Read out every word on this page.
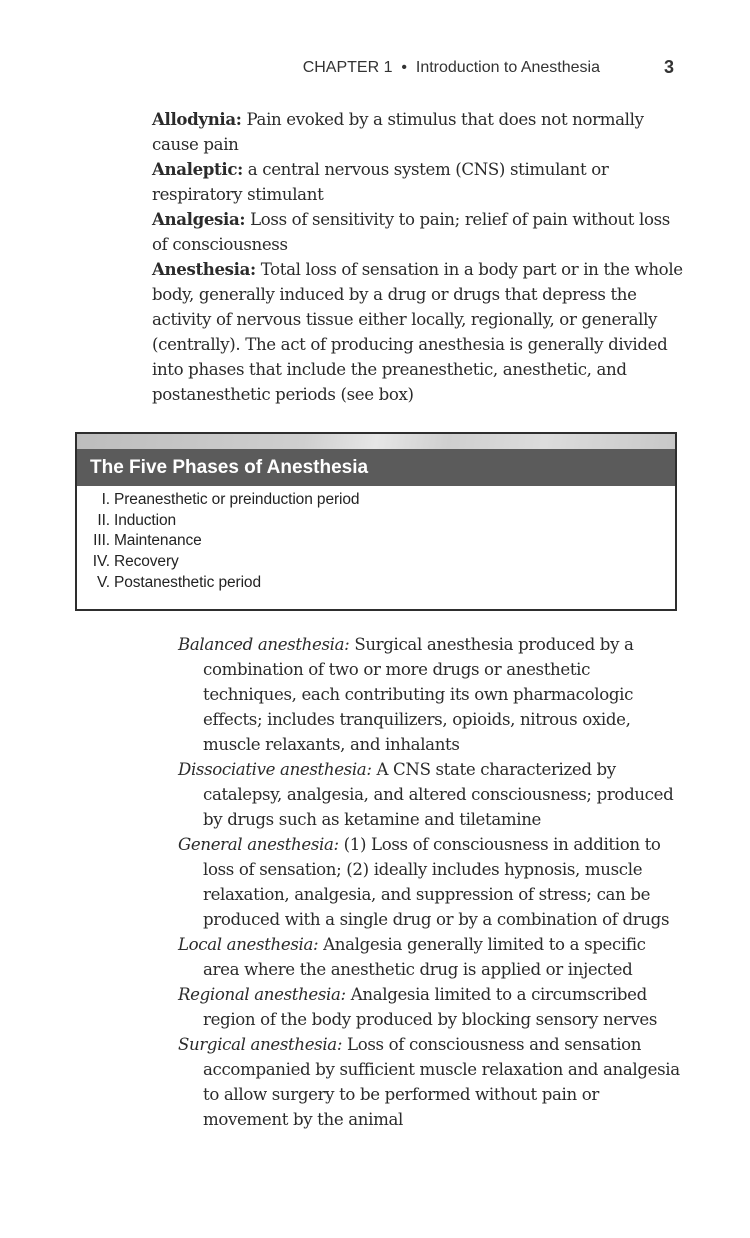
CHAPTER 1 • Introduction to Anesthesia	3

Allodynia: Pain evoked by a stimulus that does not normally cause pain

Analeptic: a central nervous system (CNS) stimulant or respiratory stimulant

Analgesia: Loss of sensitivity to pain; relief of pain without loss of consciousness

Anesthesia: Total loss of sensation in a body part or in the whole body, generally induced by a drug or drugs that depress the activity of nervous tissue either locally, regionally, or generally (centrally). The act of producing anesthesia is generally divided into phases that include the preanesthetic, anesthetic, and postanesthetic periods (see box)

The Five Phases of Anesthesia
I. Preanesthetic or preinduction period
II. Induction
III. Maintenance
IV. Recovery
V. Postanesthetic period

Balanced anesthesia: Surgical anesthesia produced by a combination of two or more drugs or anesthetic techniques, each contributing its own pharmacologic effects; includes tranquilizers, opioids, nitrous oxide, muscle relaxants, and inhalants

Dissociative anesthesia: A CNS state characterized by catalepsy, analgesia, and altered consciousness; produced by drugs such as ketamine and tiletamine

General anesthesia: (1) Loss of consciousness in addition to loss of sensation; (2) ideally includes hypnosis, muscle relaxation, analgesia, and suppression of stress; can be produced with a single drug or by a combination of drugs

Local anesthesia: Analgesia generally limited to a specific area where the anesthetic drug is applied or injected

Regional anesthesia: Analgesia limited to a circumscribed region of the body produced by blocking sensory nerves

Surgical anesthesia: Loss of consciousness and sensation accompanied by sufficient muscle relaxation and analgesia to allow surgery to be performed without pain or movement by the animal
